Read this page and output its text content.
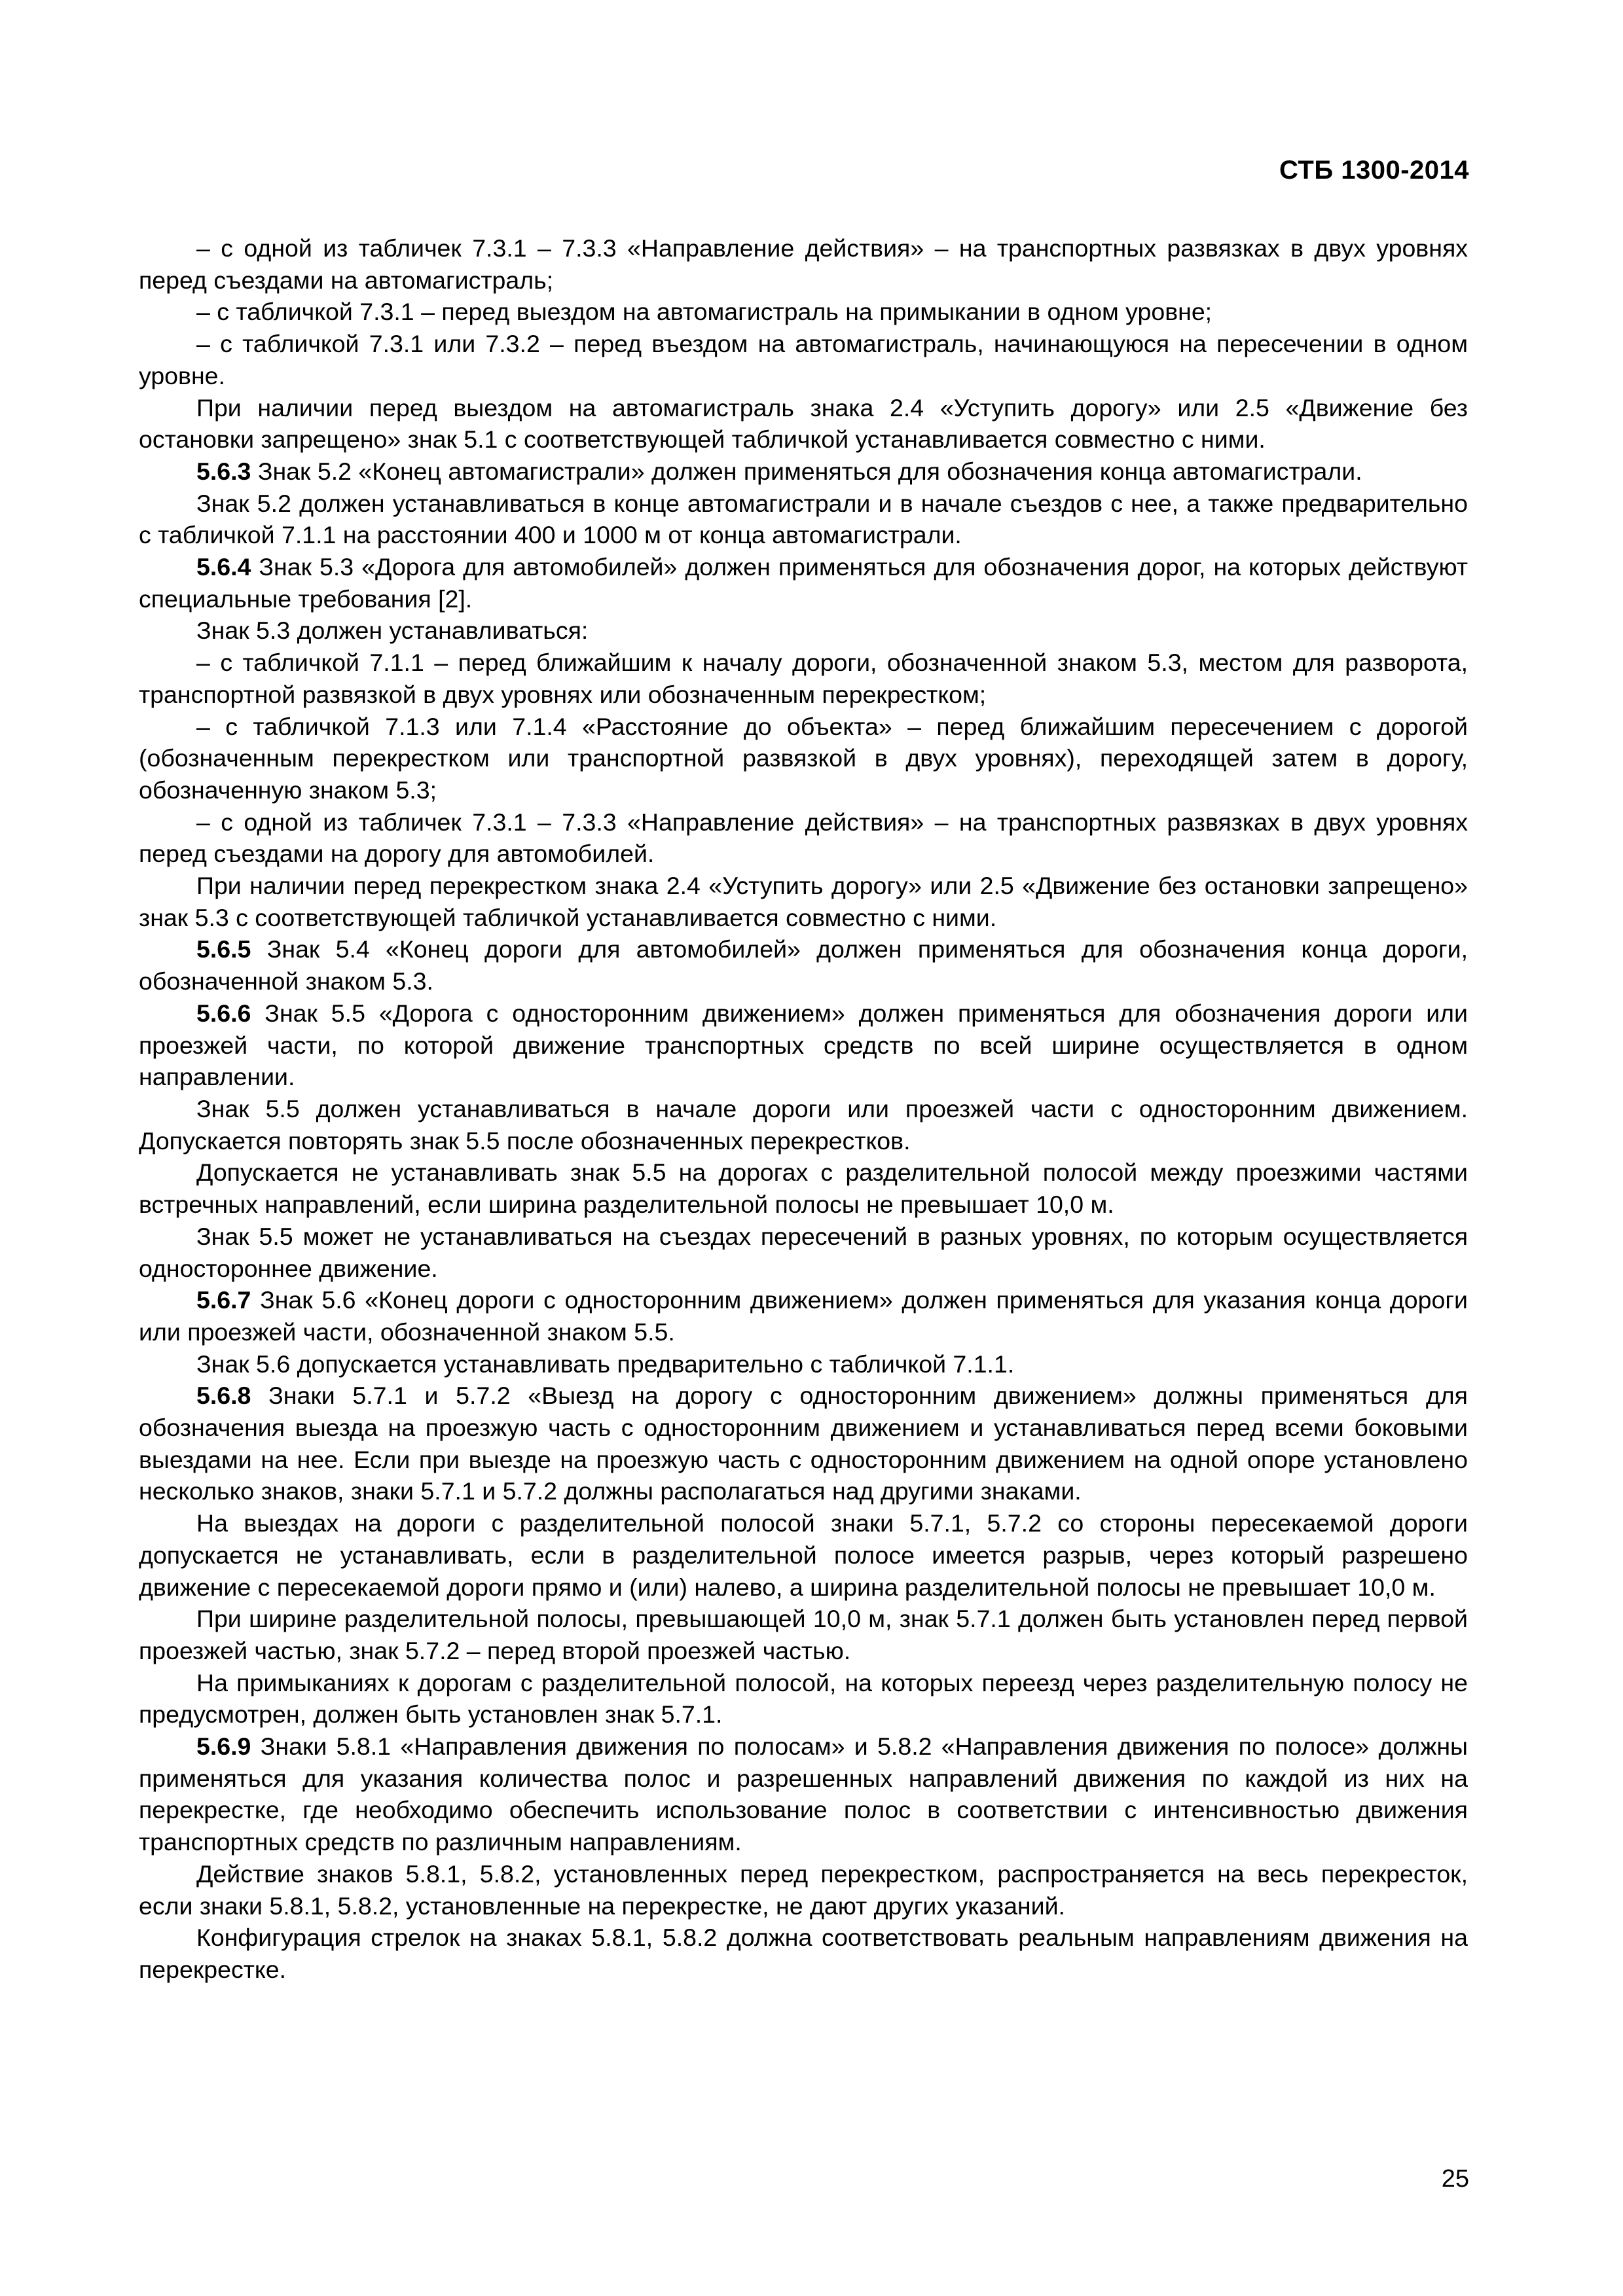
СТБ 1300-2014

– с одной из табличек 7.3.1 – 7.3.3 «Направление действия» – на транспортных развязках в двух уровнях перед съездами на автомагистраль;

– с табличкой 7.3.1 – перед выездом на автомагистраль на примыкании в одном уровне;

– с табличкой 7.3.1 или 7.3.2 – перед въездом на автомагистраль, начинающуюся на пересечении в одном уровне.

При наличии перед выездом на автомагистраль знака 2.4 «Уступить дорогу» или 2.5 «Движение без остановки запрещено» знак 5.1 с соответствующей табличкой устанавливается совместно с ними.

5.6.3 Знак 5.2 «Конец автомагистрали» должен применяться для обозначения конца автомагистрали.

Знак 5.2 должен устанавливаться в конце автомагистрали и в начале съездов с нее, а также предварительно с табличкой 7.1.1 на расстоянии 400 и 1000 м от конца автомагистрали.

5.6.4 Знак 5.3 «Дорога для автомобилей» должен применяться для обозначения дорог, на которых действуют специальные требования [2].

Знак 5.3 должен устанавливаться:

– с табличкой 7.1.1 – перед ближайшим к началу дороги, обозначенной знаком 5.3, местом для разворота, транспортной развязкой в двух уровнях или обозначенным перекрестком;

– с табличкой 7.1.3 или 7.1.4 «Расстояние до объекта» – перед ближайшим пересечением с дорогой (обозначенным перекрестком или транспортной развязкой в двух уровнях), переходящей затем в дорогу, обозначенную знаком 5.3;

– с одной из табличек 7.3.1 – 7.3.3 «Направление действия» – на транспортных развязках в двух уровнях перед съездами на дорогу для автомобилей.

При наличии перед перекрестком знака 2.4 «Уступить дорогу» или 2.5 «Движение без остановки запрещено» знак 5.3 с соответствующей табличкой устанавливается совместно с ними.

5.6.5 Знак 5.4 «Конец дороги для автомобилей» должен применяться для обозначения конца дороги, обозначенной знаком 5.3.

5.6.6 Знак 5.5 «Дорога с односторонним движением» должен применяться для обозначения дороги или проезжей части, по которой движение транспортных средств по всей ширине осуществляется в одном направлении.

Знак 5.5 должен устанавливаться в начале дороги или проезжей части с односторонним движением. Допускается повторять знак 5.5 после обозначенных перекрестков.

Допускается не устанавливать знак 5.5 на дорогах с разделительной полосой между проезжими частями встречных направлений, если ширина разделительной полосы не превышает 10,0 м.

Знак 5.5 может не устанавливаться на съездах пересечений в разных уровнях, по которым осуществляется одностороннее движение.

5.6.7 Знак 5.6 «Конец дороги с односторонним движением» должен применяться для указания конца дороги или проезжей части, обозначенной знаком 5.5.

Знак 5.6 допускается устанавливать предварительно с табличкой 7.1.1.

5.6.8 Знаки 5.7.1 и 5.7.2 «Выезд на дорогу с односторонним движением» должны применяться для обозначения выезда на проезжую часть с односторонним движением и устанавливаться перед всеми боковыми выездами на нее. Если при выезде на проезжую часть с односторонним движением на одной опоре установлено несколько знаков, знаки 5.7.1 и 5.7.2 должны располагаться над другими знаками.

На выездах на дороги с разделительной полосой знаки 5.7.1, 5.7.2 со стороны пересекаемой дороги допускается не устанавливать, если в разделительной полосе имеется разрыв, через который разрешено движение с пересекаемой дороги прямо и (или) налево, а ширина разделительной полосы не превышает 10,0 м.

При ширине разделительной полосы, превышающей 10,0 м, знак 5.7.1 должен быть установлен перед первой проезжей частью, знак 5.7.2 – перед второй проезжей частью.

На примыканиях к дорогам с разделительной полосой, на которых переезд через разделительную полосу не предусмотрен, должен быть установлен знак 5.7.1.

5.6.9 Знаки 5.8.1 «Направления движения по полосам» и 5.8.2 «Направления движения по полосе» должны применяться для указания количества полос и разрешенных направлений движения по каждой из них на перекрестке, где необходимо обеспечить использование полос в соответствии с интенсивностью движения транспортных средств по различным направлениям.

Действие знаков 5.8.1, 5.8.2, установленных перед перекрестком, распространяется на весь перекресток, если знаки 5.8.1, 5.8.2, установленные на перекрестке, не дают других указаний.

Конфигурация стрелок на знаках 5.8.1, 5.8.2 должна соответствовать реальным направлениям движения на перекрестке.

25
